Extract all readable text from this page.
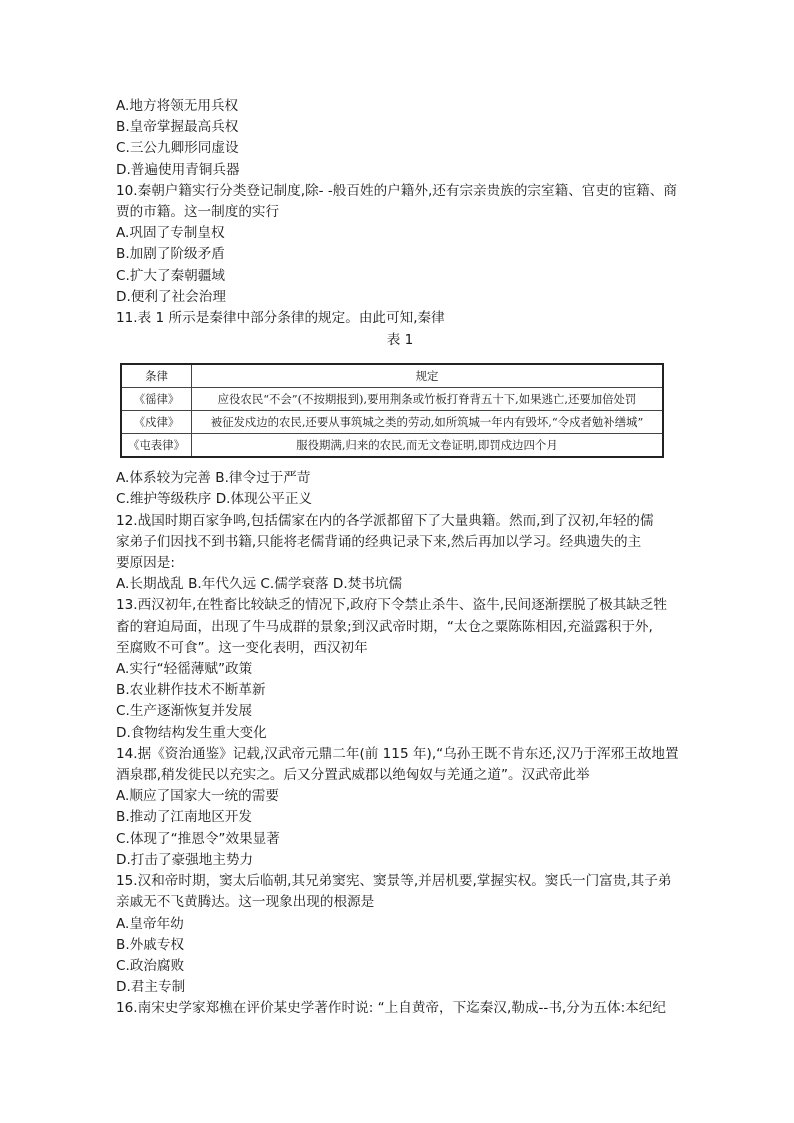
A.地方将领无用兵权
B.皇帝掌握最高兵权
C.三公九卿形同虚设
D.普遍使用青铜兵器
10.秦朝户籍实行分类登记制度,除- -般百姓的户籍外,还有宗亲贵族的宗室籍、官吏的宦籍、商
贾的市籍。这一制度的实行
A.巩固了专制皇权
B.加剧了阶级矛盾
C.扩大了秦朝疆域
D.便利了社会治理
11.表 1 所示是秦律中部分条律的规定。由此可知,秦律
表 1
条律	规定
《徭律》	应役农民“不会”(不按期报到),要用荆条或竹板打脊背五十下,如果逃亡,还要加倍处罚
《戍律》	被征发戍边的农民,还要从事筑城之类的劳动,如所筑城一年内有毁坏,“令戍者勉补缮城”
《屯表律》	服役期满,归来的农民,而无文卷证明,即罚戍边四个月
A.体系较为完善 B.律令过于严苛
C.维护等级秩序 D.体现公平正义
12.战国时期百家争鸣,包括儒家在内的各学派都留下了大量典籍。然而,到了汉初,年轻的儒
家弟子们因找不到书籍,只能将老儒背诵的经典记录下来,然后再加以学习。经典遗失的主
要原因是:
A.长期战乱 B.年代久远 C.儒学衰落 D.焚书坑儒
13.西汉初年,在牲畜比较缺乏的情况下,政府下令禁止杀牛、盗牛,民间逐渐摆脱了极其缺乏牲
畜的窘迫局面，出现了牛马成群的景象;到汉武帝时期，“太仓之粟陈陈相因,充溢露积于外,
至腐败不可食”。这一变化表明，西汉初年
A.实行“轻徭薄赋”政策
B.农业耕作技术不断革新
C.生产逐渐恢复并发展
D.食物结构发生重大变化
14.据《资治通鉴》记载,汉武帝元鼎二年(前 115 年),“乌孙王既不肯东还,汉乃于浑邪王故地置
酒泉郡,稍发徙民以充实之。后又分置武威郡以绝匈奴与羌通之道”。汉武帝此举
A.顺应了国家大一统的需要
B.推动了江南地区开发
C.体现了“推恩令”效果显著
D.打击了豪强地主势力
15.汉和帝时期，窦太后临朝,其兄弟窦宪、窦景等,并居机要,掌握实权。窦氏一门富贵,其子弟
亲戚无不飞黄腾达。这一现象出现的根源是
A.皇帝年幼
B.外戚专权
C.政治腐败
D.君主专制
16.南宋史学家郑樵在评价某史学著作时说: “上自黄帝，下迄秦汉,勒成--书,分为五体:本纪纪
